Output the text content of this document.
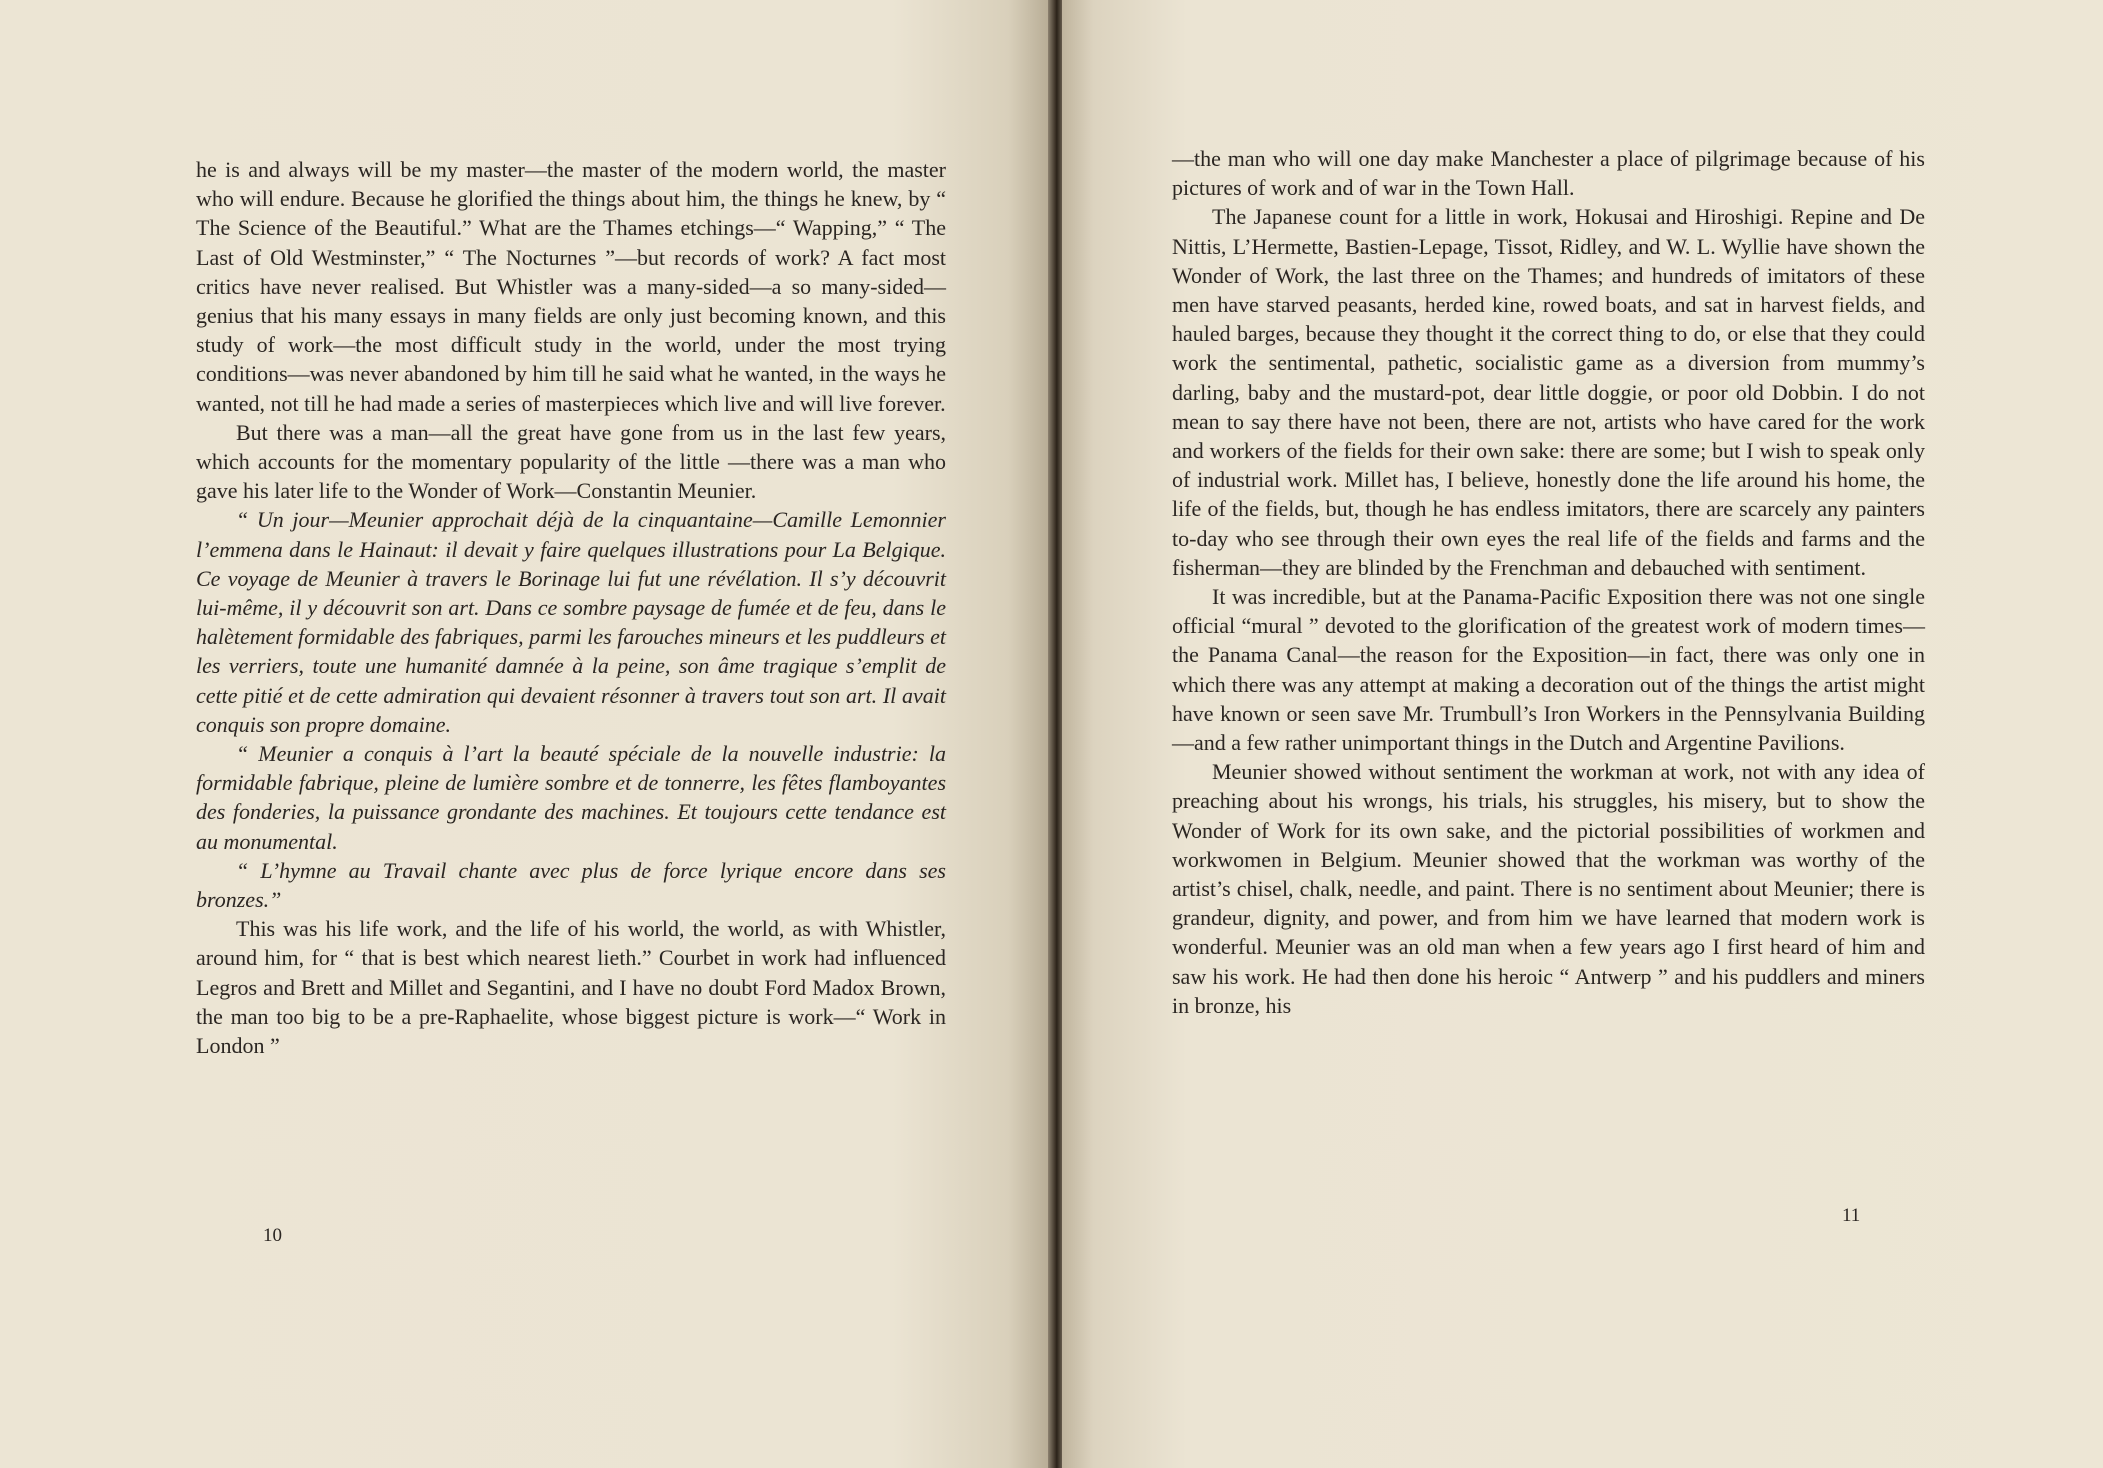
he is and always will be my master—the master of the modern world, the master who will endure. Because he glorified the things about him, the things he knew, by “ The Science of the Beautiful.” What are the Thames etchings—“ Wapping,” “ The Last of Old Westminster,” “ The Nocturnes ”—but records of work? A fact most critics have never realised. But Whistler was a many-sided—a so many-sided—genius that his many essays in many fields are only just becoming known, and this study of work—the most difficult study in the world, under the most trying conditions—was never abandoned by him till he said what he wanted, in the ways he wanted, not till he had made a series of masterpieces which live and will live forever.

But there was a man—all the great have gone from us in the last few years, which accounts for the momentary popularity of the little —there was a man who gave his later life to the Wonder of Work—Constantin Meunier.

“ Un jour—Meunier approchait déjà de la cinquantaine—Camille Lemonnier l’emmena dans le Hainaut: il devait y faire quelques illustrations pour La Belgique. Ce voyage de Meunier à travers le Borinage lui fut une révélation. Il s’y découvrit lui-même, il y découvrit son art. Dans ce sombre paysage de fumée et de feu, dans le halètement formidable des fabriques, parmi les farouches mineurs et les puddleurs et les verriers, toute une humanité damnée à la peine, son âme tragique s’emplit de cette pitié et de cette admiration qui devaient résonner à travers tout son art. Il avait conquis son propre domaine.

“ Meunier a conquis à l’art la beauté spéciale de la nouvelle industrie: la formidable fabrique, pleine de lumière sombre et de tonnerre, les fêtes flamboyantes des fonderies, la puissance grondante des machines. Et toujours cette tendance est au monumental.

“ L’hymne au Travail chante avec plus de force lyrique encore dans ses bronzes.”

This was his life work, and the life of his world, the world, as with Whistler, around him, for “ that is best which nearest lieth.” Courbet in work had influenced Legros and Brett and Millet and Segantini, and I have no doubt Ford Madox Brown, the man too big to be a pre-Raphaelite, whose biggest picture is work—“ Work in London ”

10

—the man who will one day make Manchester a place of pilgrimage because of his pictures of work and of war in the Town Hall.

The Japanese count for a little in work, Hokusai and Hiroshigi. Repine and De Nittis, L’Hermette, Bastien-Lepage, Tissot, Ridley, and W. L. Wyllie have shown the Wonder of Work, the last three on the Thames; and hundreds of imitators of these men have starved peasants, herded kine, rowed boats, and sat in harvest fields, and hauled barges, because they thought it the correct thing to do, or else that they could work the sentimental, pathetic, socialistic game as a diversion from mummy’s darling, baby and the mustard-pot, dear little doggie, or poor old Dobbin. I do not mean to say there have not been, there are not, artists who have cared for the work and workers of the fields for their own sake: there are some; but I wish to speak only of industrial work. Millet has, I believe, honestly done the life around his home, the life of the fields, but, though he has endless imitators, there are scarcely any painters to-day who see through their own eyes the real life of the fields and farms and the fisherman—they are blinded by the Frenchman and debauched with sentiment.

It was incredible, but at the Panama-Pacific Exposition there was not one single official “mural ” devoted to the glorification of the greatest work of modern times—the Panama Canal—the reason for the Exposition—in fact, there was only one in which there was any attempt at making a decoration out of the things the artist might have known or seen save Mr. Trumbull’s Iron Workers in the Pennsylvania Building—and a few rather unimportant things in the Dutch and Argentine Pavilions.

Meunier showed without sentiment the workman at work, not with any idea of preaching about his wrongs, his trials, his struggles, his misery, but to show the Wonder of Work for its own sake, and the pictorial possibilities of workmen and workwomen in Belgium. Meunier showed that the workman was worthy of the artist’s chisel, chalk, needle, and paint. There is no sentiment about Meunier; there is grandeur, dignity, and power, and from him we have learned that modern work is wonderful. Meunier was an old man when a few years ago I first heard of him and saw his work. He had then done his heroic “ Antwerp ” and his puddlers and miners in bronze, his

11
